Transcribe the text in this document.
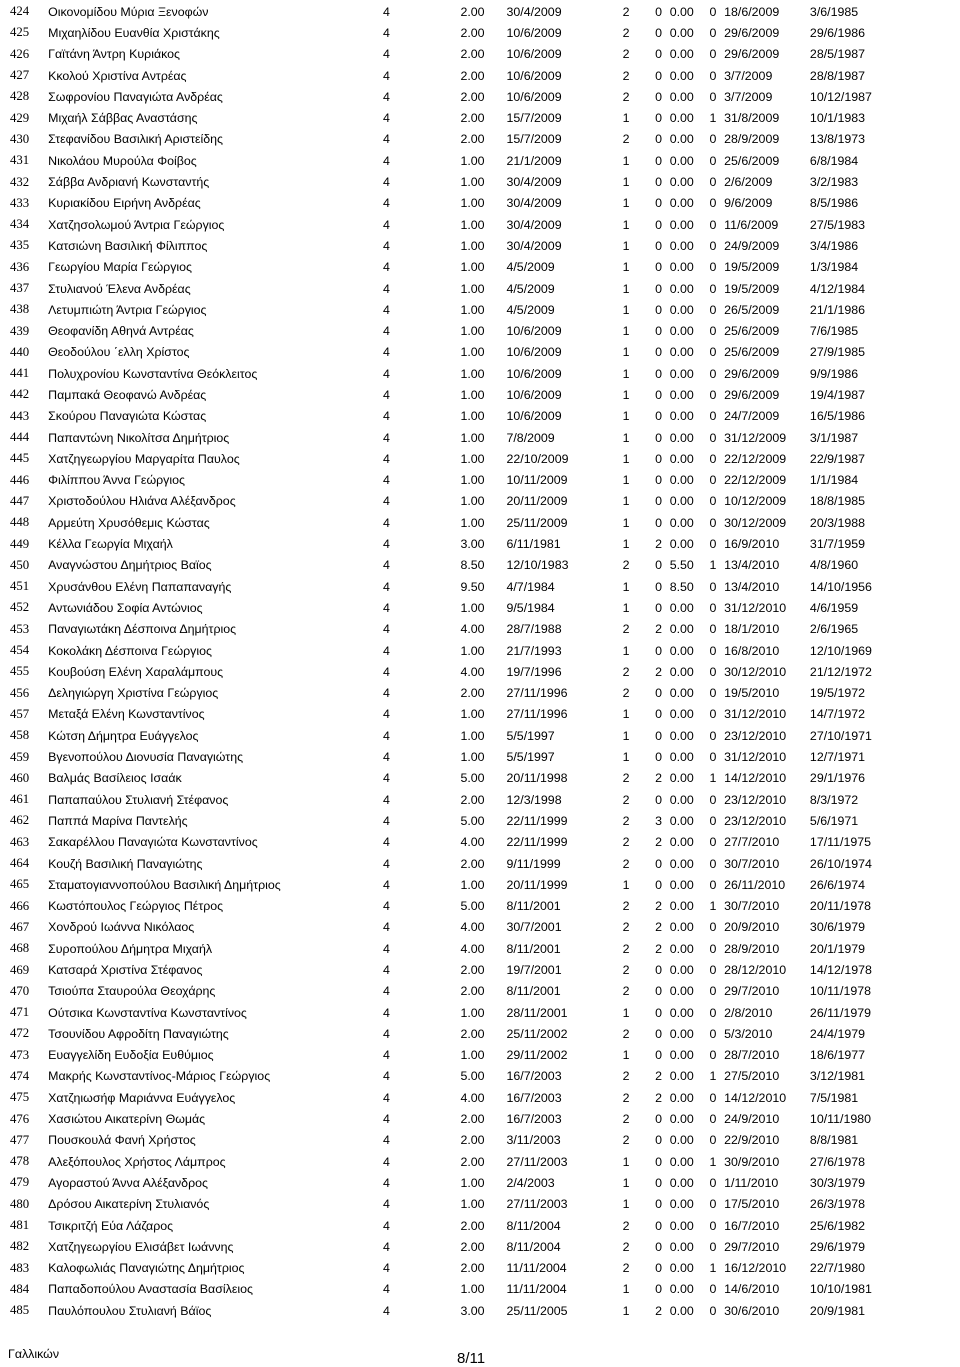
424	Οικονομίδου Μύρια Ξενοφών	4	2.00	30/4/2009	2	0	0.00	0	18/6/2009	3/6/1985
425	Μιχαηλίδου Ευανθία Χριστάκης	4	2.00	10/6/2009	2	0	0.00	0	29/6/2009	29/6/1986
426	Γαϊτάνη Άντρη Κυριάκος	4	2.00	10/6/2009	2	0	0.00	0	29/6/2009	28/5/1987
427	Κκολού Χριστίνα Αντρέας	4	2.00	10/6/2009	2	0	0.00	0	3/7/2009	28/8/1987
428	Σωφρονίου Παναγιώτα Ανδρέας	4	2.00	10/6/2009	2	0	0.00	0	3/7/2009	10/12/1987
429	Μιχαήλ Σάββας Αναστάσης	4	2.00	15/7/2009	1	0	0.00	1	31/8/2009	10/1/1983
430	Στεφανίδου Βασιλική Αριστείδης	4	2.00	15/7/2009	2	0	0.00	0	28/9/2009	13/8/1973
431	Νικολάου Μυρούλα Φοίβος	4	1.00	21/1/2009	1	0	0.00	0	25/6/2009	6/8/1984
432	Σάββα Ανδριανή Κωνσταντής	4	1.00	30/4/2009	1	0	0.00	0	2/6/2009	3/2/1983
433	Κυριακίδου Ειρήνη Ανδρέας	4	1.00	30/4/2009	1	0	0.00	0	9/6/2009	8/5/1986
434	Χατζησολωμού Άντρια Γεώργιος	4	1.00	30/4/2009	1	0	0.00	0	11/6/2009	27/5/1983
435	Κατσιώνη Βασιλική Φίλιππος	4	1.00	30/4/2009	1	0	0.00	0	24/9/2009	3/4/1986
436	Γεωργίου Μαρία Γεώργιος	4	1.00	4/5/2009	1	0	0.00	0	19/5/2009	1/3/1984
437	Στυλιανού Έλενα Ανδρέας	4	1.00	4/5/2009	1	0	0.00	0	19/5/2009	4/12/1984
438	Λετυμπιώτη Άντρια Γεώργιος	4	1.00	4/5/2009	1	0	0.00	0	26/5/2009	21/1/1986
439	Θεοφανίδη Αθηνά Αντρέας	4	1.00	10/6/2009	1	0	0.00	0	25/6/2009	7/6/1985
440	Θεοδούλου ΄ελλη Χρίστος	4	1.00	10/6/2009	1	0	0.00	0	25/6/2009	27/9/1985
441	Πολυχρονίου Κωνσταντίνα Θεόκλειτος	4	1.00	10/6/2009	1	0	0.00	0	29/6/2009	9/9/1986
442	Παμπακά Θεοφανώ Ανδρέας	4	1.00	10/6/2009	1	0	0.00	0	29/6/2009	19/4/1987
443	Σκούρου Παναγιώτα Κώστας	4	1.00	10/6/2009	1	0	0.00	0	24/7/2009	16/5/1986
444	Παπαντώνη Νικολίτσα Δημήτριος	4	1.00	7/8/2009	1	0	0.00	0	31/12/2009	3/1/1987
445	Χατζηγεωργίου Μαργαρίτα Παυλος	4	1.00	22/10/2009	1	0	0.00	0	22/12/2009	22/9/1987
446	Φιλίππου Άννα Γεώργιος	4	1.00	10/11/2009	1	0	0.00	0	22/12/2009	1/1/1984
447	Χριστοδούλου Ηλιάνα Αλέξανδρος	4	1.00	20/11/2009	1	0	0.00	0	10/12/2009	18/8/1985
448	Αρμεύτη Χρυσόθεμις Κώστας	4	1.00	25/11/2009	1	0	0.00	0	30/12/2009	20/3/1988
449	Κέλλα Γεωργία Μιχαήλ	4	3.00	6/11/1981	1	2	0.00	0	16/9/2010	31/7/1959
450	Αναγνώστου Δημήτριος Βαϊος	4	8.50	12/10/1983	2	0	5.50	1	13/4/2010	4/8/1960
451	Χρυσάνθου Ελένη Παπαπαναγής	4	9.50	4/7/1984	1	0	8.50	0	13/4/2010	14/10/1956
452	Αντωνιάδου Σοφία Αντώνιος	4	1.00	9/5/1984	1	0	0.00	0	31/12/2010	4/6/1959
453	Παναγιωτάκη Δέσποινα Δημήτριος	4	4.00	28/7/1988	2	2	0.00	0	18/1/2010	2/6/1965
454	Κοκολάκη Δέσποινα Γεώργιος	4	1.00	21/7/1993	1	0	0.00	0	16/8/2010	12/10/1969
455	Κουβούση Ελένη Χαραλάμπους	4	4.00	19/7/1996	2	2	0.00	0	30/12/2010	21/12/1972
456	Δεληγιώργη Χριστίνα Γεώργιος	4	2.00	27/11/1996	2	0	0.00	0	19/5/2010	19/5/1972
457	Μεταξά Ελένη Κωνσταντίνος	4	1.00	27/11/1996	1	0	0.00	0	31/12/2010	14/7/1972
458	Κώτση Δήμητρα Ευάγγελος	4	1.00	5/5/1997	1	0	0.00	0	23/12/2010	27/10/1971
459	Βγενοπούλου Διονυσία Παναγιώτης	4	1.00	5/5/1997	1	0	0.00	0	31/12/2010	12/7/1971
460	Βαλμάς Βασίλειος Ισαάκ	4	5.00	20/11/1998	2	2	0.00	1	14/12/2010	29/1/1976
461	Παπαπαύλου Στυλιανή Στέφανος	4	2.00	12/3/1998	2	0	0.00	0	23/12/2010	8/3/1972
462	Παππά Μαρίνα Παντελής	4	5.00	22/11/1999	2	3	0.00	0	23/12/2010	5/6/1971
463	Σακαρέλλου Παναγιώτα Κωνσταντίνος	4	4.00	22/11/1999	2	2	0.00	0	27/7/2010	17/11/1975
464	Κουζή Βασιλική Παναγιώτης	4	2.00	9/11/1999	2	0	0.00	0	30/7/2010	26/10/1974
465	Σταματογιαννοπούλου Βασιλική Δημήτριος	4	1.00	20/11/1999	1	0	0.00	0	26/11/2010	26/6/1974
466	Κωστόπουλος Γεώργιος Πέτρος	4	5.00	8/11/2001	2	2	0.00	1	30/7/2010	20/11/1978
467	Χονδρού Ιωάννα Νικόλαος	4	4.00	30/7/2001	2	2	0.00	0	20/9/2010	30/6/1979
468	Συροπούλου Δήμητρα Μιχαήλ	4	4.00	8/11/2001	2	2	0.00	0	28/9/2010	20/1/1979
469	Κατσαρά Χριστίνα Στέφανος	4	2.00	19/7/2001	2	0	0.00	0	28/12/2010	14/12/1978
470	Τσιούπα Σταυρούλα Θεοχάρης	4	2.00	8/11/2001	2	0	0.00	0	29/7/2010	10/11/1978
471	Ούτσικα Κωνσταντίνα Κωνσταντίνος	4	1.00	28/11/2001	1	0	0.00	0	2/8/2010	26/11/1979
472	Τσουνίδου Αφροδίτη Παναγιώτης	4	2.00	25/11/2002	2	0	0.00	0	5/3/2010	24/4/1979
473	Ευαγγελίδη Ευδοξία Ευθύμιος	4	1.00	29/11/2002	1	0	0.00	0	28/7/2010	18/6/1977
474	Μακρής Κωνσταντίνος-Μάριος Γεώργιος	4	5.00	16/7/2003	2	2	0.00	1	27/5/2010	3/12/1981
475	Χατζηιωσήφ Μαριάννα Ευάγγελος	4	4.00	16/7/2003	2	2	0.00	0	14/12/2010	7/5/1981
476	Χασιώτου Αικατερίνη Θωμάς	4	2.00	16/7/2003	2	0	0.00	0	24/9/2010	10/11/1980
477	Πουσκουλά Φανή Χρήστος	4	2.00	3/11/2003	2	0	0.00	0	22/9/2010	8/8/1981
478	Αλεξόπουλος Χρήστος Λάμπρος	4	2.00	27/11/2003	1	0	0.00	1	30/9/2010	27/6/1978
479	Αγοραστού Άννα Αλέξανδρος	4	1.00	2/4/2003	1	0	0.00	0	1/11/2010	30/3/1979
480	Δρόσου Αικατερίνη Στυλιανός	4	1.00	27/11/2003	1	0	0.00	0	17/5/2010	26/3/1978
481	Τσικριτζή Εύα Λάζαρος	4	2.00	8/11/2004	2	0	0.00	0	16/7/2010	25/6/1982
482	Χατζηγεωργίου Ελισάβετ Ιωάννης	4	2.00	8/11/2004	2	0	0.00	0	29/7/2010	29/6/1979
483	Καλοφωλιάς Παναγιώτης Δημήτριος	4	2.00	11/11/2004	2	0	0.00	1	16/12/2010	22/7/1980
484	Παπαδοπούλου Αναστασία Βασίλειος	4	1.00	11/11/2004	1	0	0.00	0	14/6/2010	10/10/1981
485	Παυλόπουλου Στυλιανή Βάϊος	4	3.00	25/11/2005	1	2	0.00	0	30/6/2010	20/9/1981
Γαλλικών	8/11
